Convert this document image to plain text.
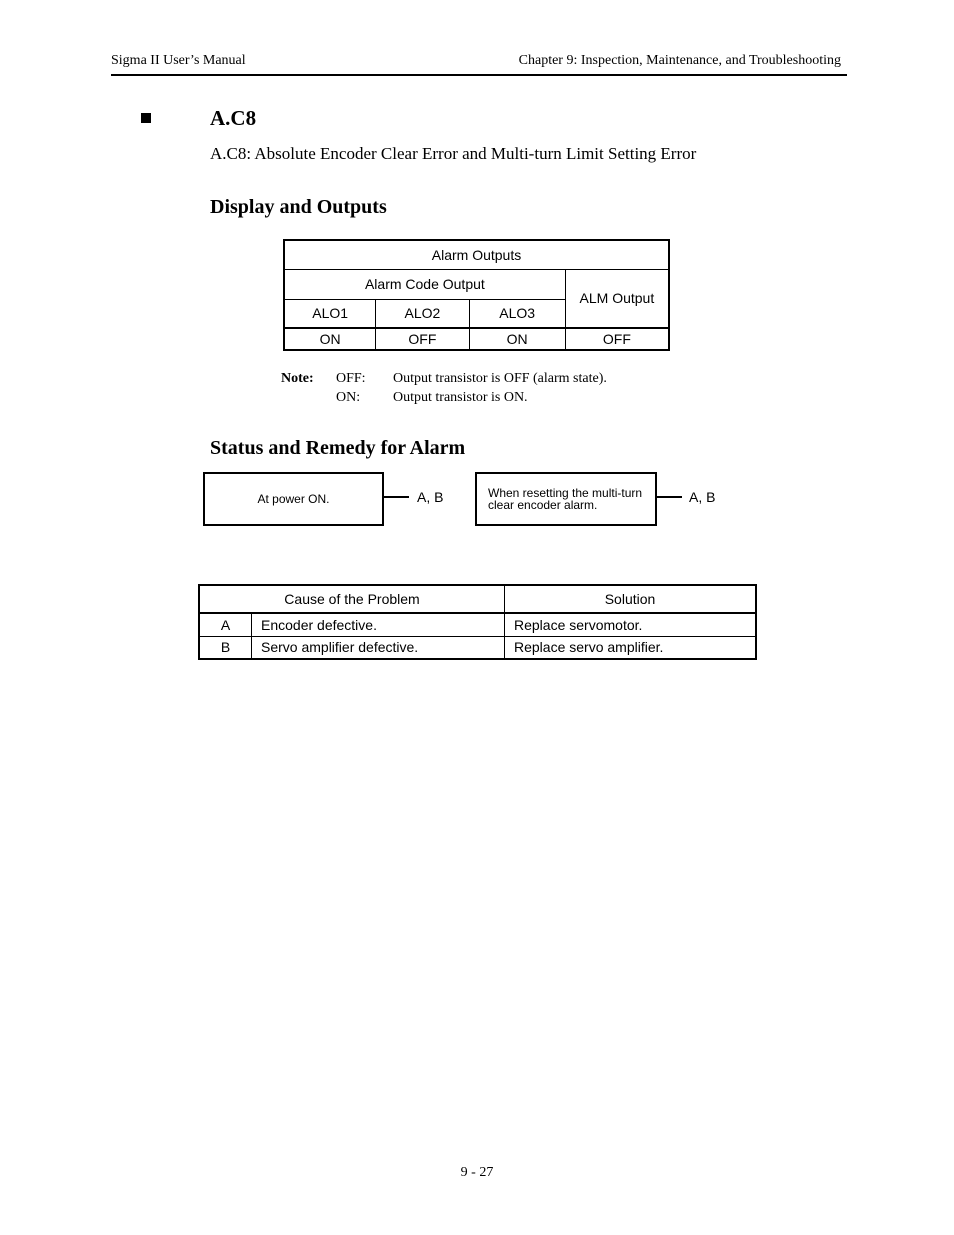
Sigma II User’s Manual	Chapter 9: Inspection, Maintenance, and Troubleshooting
A.C8
A.C8: Absolute Encoder Clear Error and Multi-turn Limit Setting Error
Display and Outputs
Alarm Outputs			
Alarm Code Output			ALM Output
ALO1	ALO2	ALO3	
ON	OFF	ON	OFF
Note: OFF: Output transistor is OFF (alarm state).
ON: Output transistor is ON.
Status and Remedy for Alarm
At power ON.	A, B	When resetting the multi-turn clear encoder alarm.	A, B
Cause of the Problem		Solution
A	Encoder defective.	Replace servomotor.
B	Servo amplifier defective.	Replace servo amplifier.
9 - 27
